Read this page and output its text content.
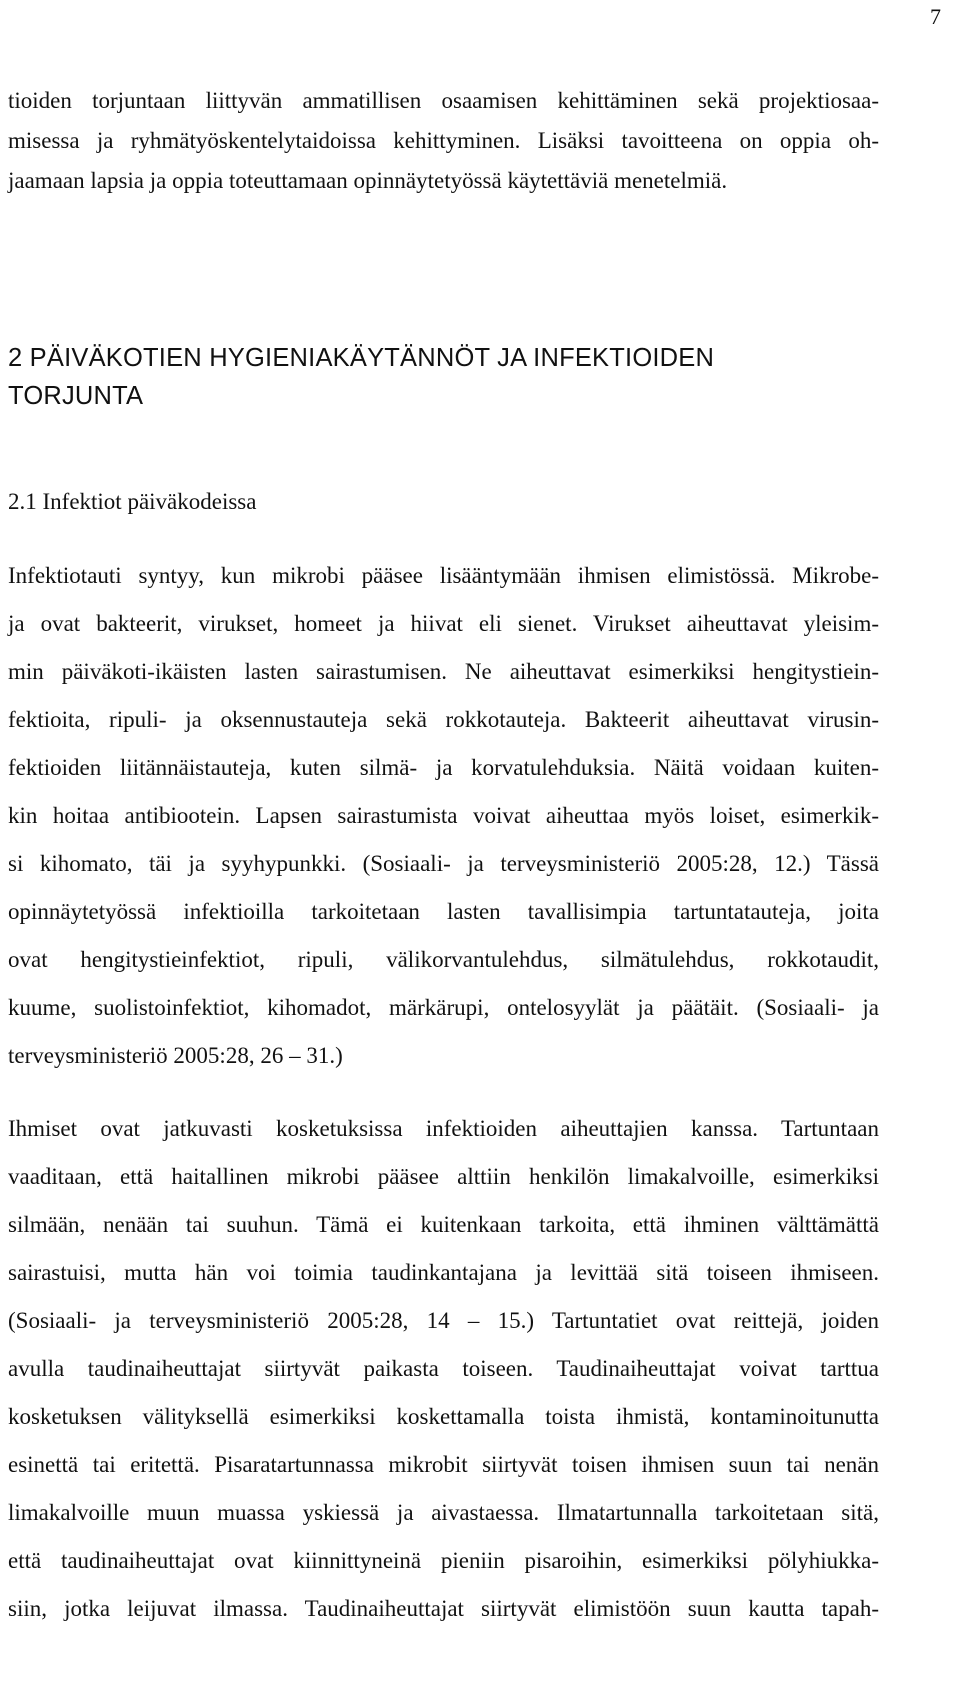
7
tioiden torjuntaan liittyvän ammatillisen osaamisen kehittäminen sekä projektiosaa-
misessa ja ryhmätyöskentelytaidoissa kehittyminen. Lisäksi tavoitteena on oppia oh-
jaamaan lapsia ja oppia toteuttamaan opinnäytetyössä käytettäviä menetelmiä.
2 PÄIVÄKOTIEN HYGIENIAKÄYTÄNNÖT JA INFEKTIOIDEN
TORJUNTA
2.1 Infektiot päiväkodeissa
Infektiotauti syntyy, kun mikrobi pääsee lisääntymään ihmisen elimistössä. Mikrobe-
ja ovat bakteerit, virukset, homeet ja hiivat eli sienet. Virukset aiheuttavat yleisim-
min päiväkoti-ikäisten lasten sairastumisen. Ne aiheuttavat esimerkiksi hengitystiein-
fektioita, ripuli- ja oksennustauteja sekä rokkotauteja. Bakteerit aiheuttavat virusin-
fektioiden liitännäistauteja, kuten silmä- ja korvatulehduksia. Näitä voidaan kuiten-
kin hoitaa antibiootein. Lapsen sairastumista voivat aiheuttaa myös loiset, esimerkik-
si kihomato, täi ja syyhypunkki. (Sosiaali- ja terveysministeriö 2005:28, 12.) Tässä
opinnäytetyössä infektioilla tarkoitetaan lasten tavallisimpia tartuntatauteja, joita
ovat hengitystieinfektiot, ripuli, välikorvantulehdus, silmätulehdus, rokkotaudit,
kuume, suolistoinfektiot, kihomadot, märkärupi, ontelosyylät ja päätäit. (Sosiaali- ja
terveysministeriö 2005:28, 26 – 31.)
Ihmiset ovat jatkuvasti kosketuksissa infektioiden aiheuttajien kanssa. Tartuntaan
vaaditaan, että haitallinen mikrobi pääsee alttiin henkilön limakalvoille, esimerkiksi
silmään, nenään tai suuhun. Tämä ei kuitenkaan tarkoita, että ihminen välttämättä
sairastuisi, mutta hän voi toimia taudinkantajana ja levittää sitä toiseen ihmiseen.
(Sosiaali- ja terveysministeriö 2005:28, 14 – 15.) Tartuntatiet ovat reittejä, joiden
avulla taudinaiheuttajat siirtyvät paikasta toiseen. Taudinaiheuttajat voivat tarttua
kosketuksen välityksellä esimerkiksi koskettamalla toista ihmistä, kontaminoitunutta
esinettä tai eritettä. Pisaratartunnassa mikrobit siirtyvät toisen ihmisen suun tai nenän
limakalvoille muun muassa yskiessä ja aivastaessa. Ilmatartunnalla tarkoitetaan sitä,
että taudinaiheuttajat ovat kiinnittyneinä pieniin pisaroihin, esimerkiksi pölyhiukka-
siin, jotka leijuvat ilmassa. Taudinaiheuttajat siirtyvät elimistöön suun kautta tapah-
